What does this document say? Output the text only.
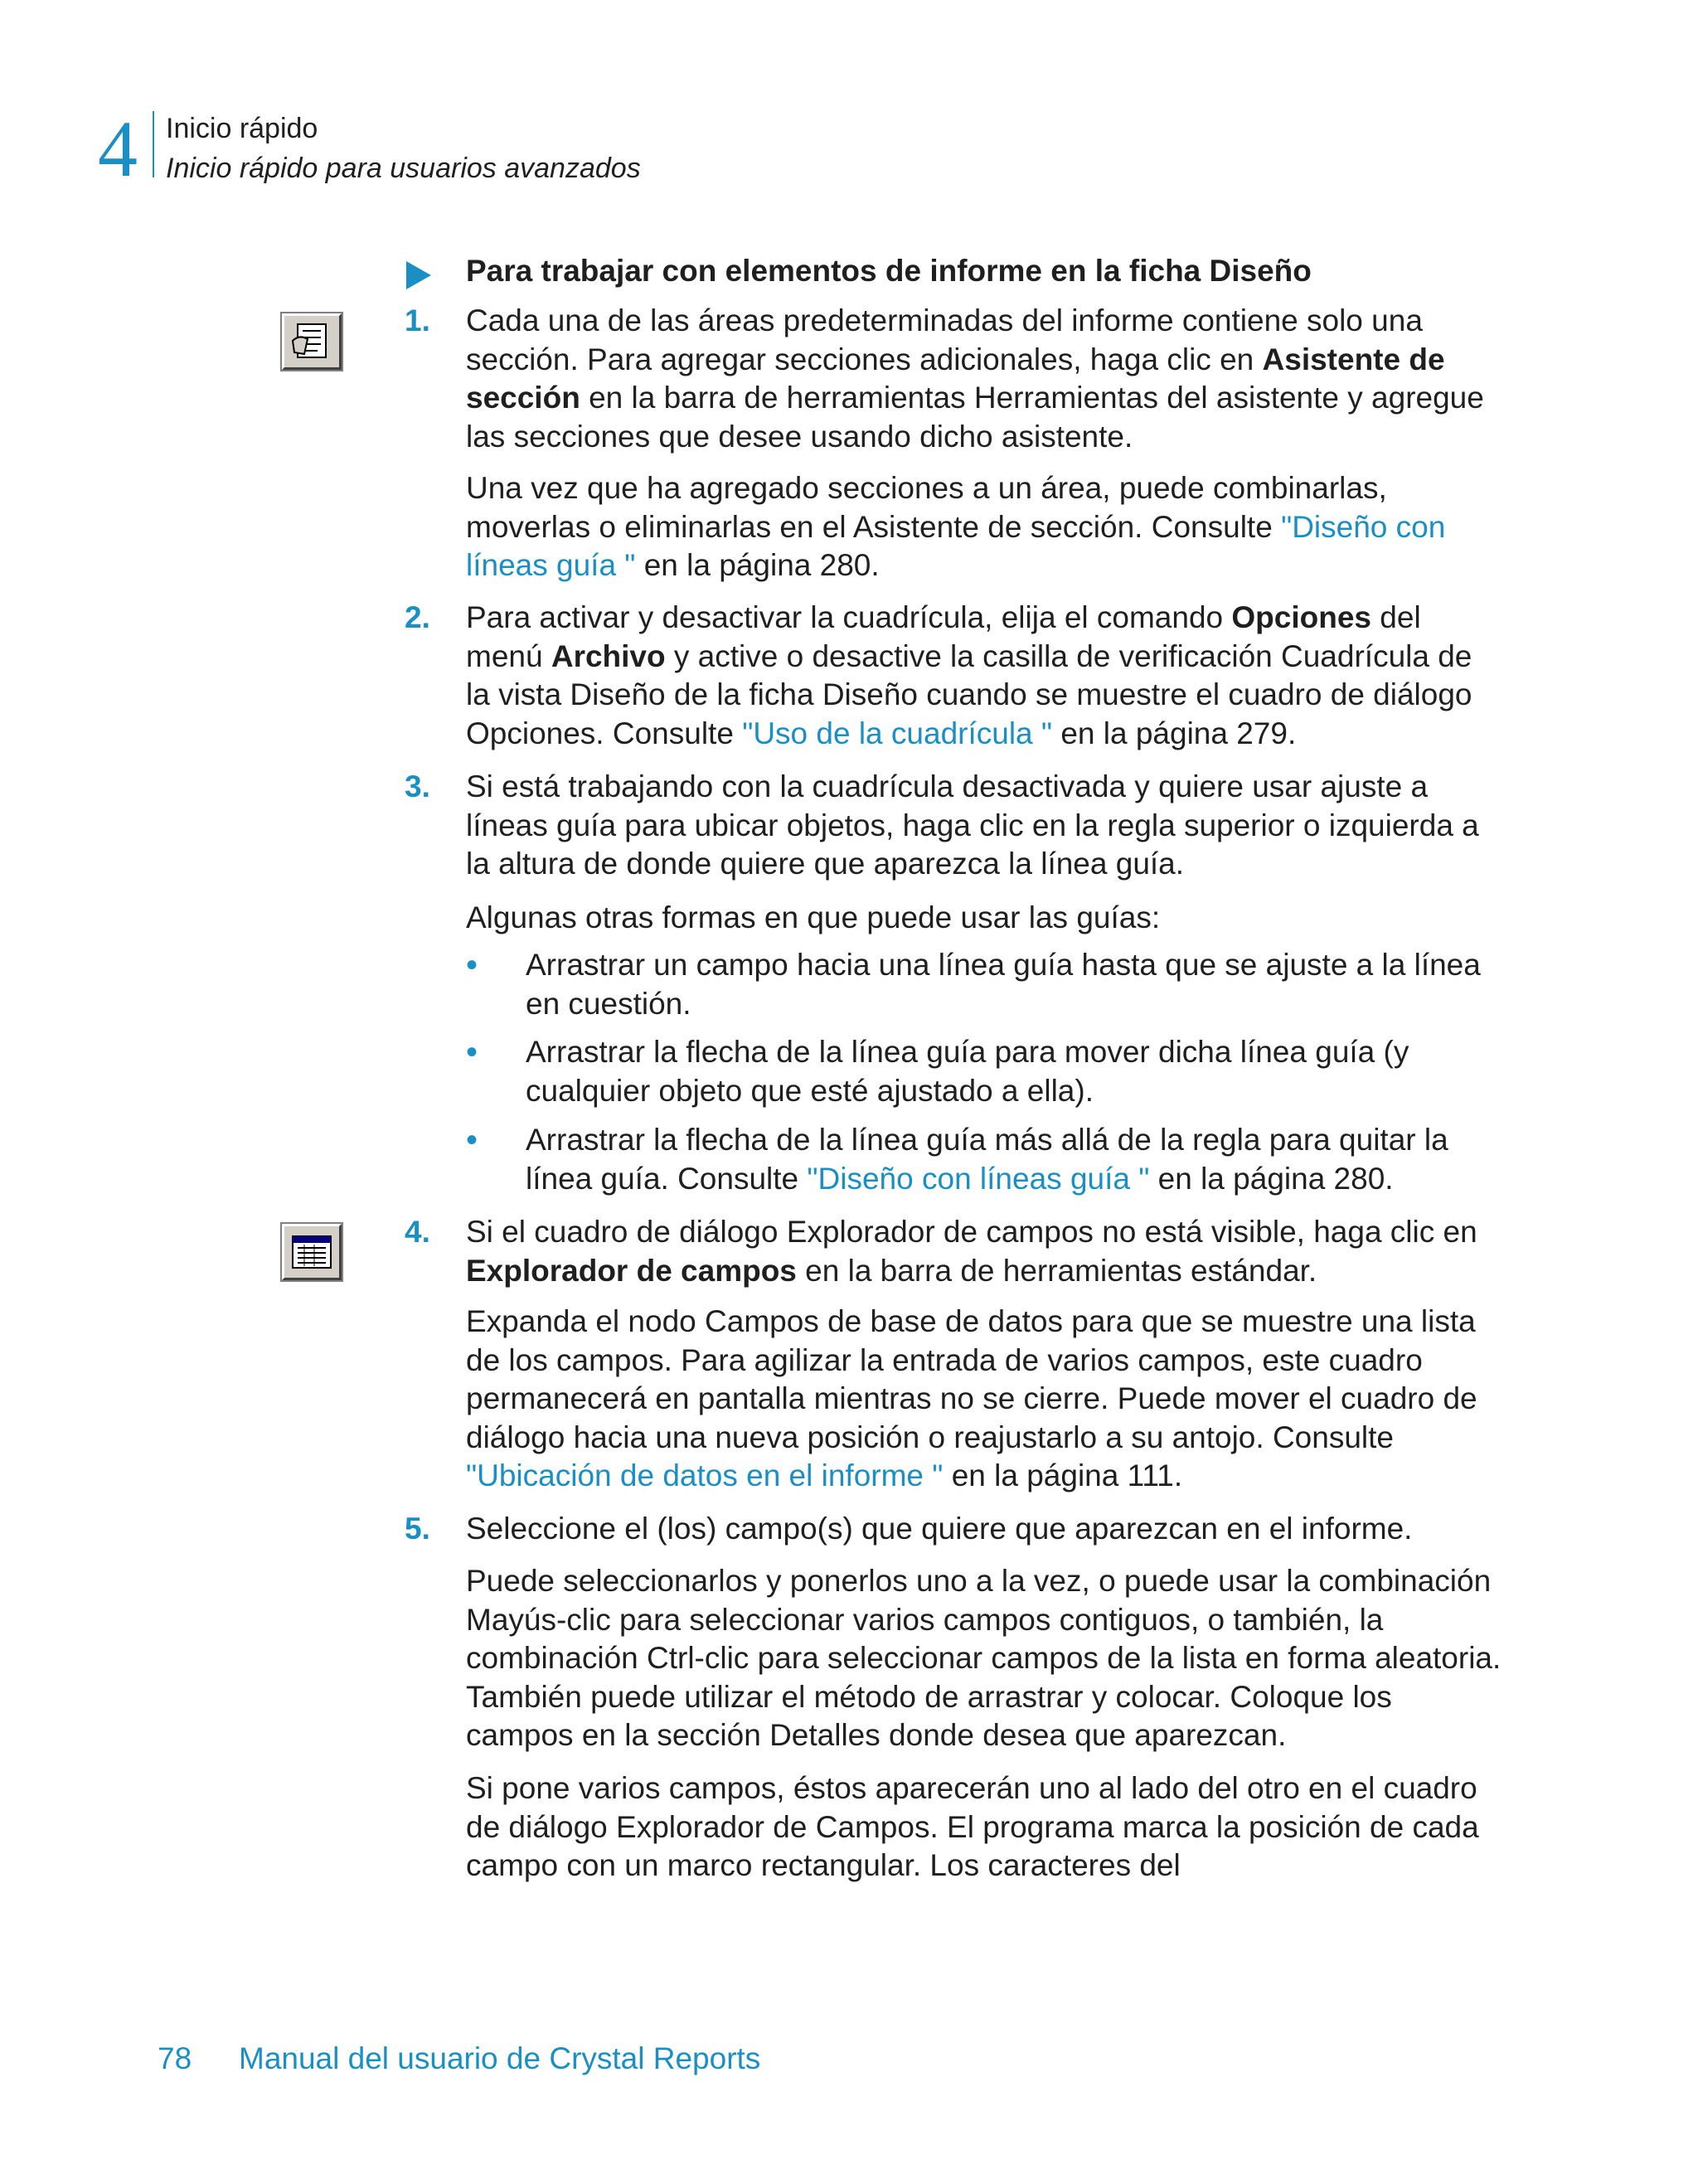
4 Inicio rápido
Inicio rápido para usuarios avanzados
Para trabajar con elementos de informe en la ficha Diseño
1. Cada una de las áreas predeterminadas del informe contiene solo una sección. Para agregar secciones adicionales, haga clic en Asistente de sección en la barra de herramientas Herramientas del asistente y agregue las secciones que desee usando dicho asistente.
Una vez que ha agregado secciones a un área, puede combinarlas, moverlas o eliminarlas en el Asistente de sección. Consulte "Diseño con líneas guía " en la página 280.
2. Para activar y desactivar la cuadrícula, elija el comando Opciones del menú Archivo y active o desactive la casilla de verificación Cuadrícula de la vista Diseño de la ficha Diseño cuando se muestre el cuadro de diálogo Opciones. Consulte "Uso de la cuadrícula " en la página 279.
3. Si está trabajando con la cuadrícula desactivada y quiere usar ajuste a líneas guía para ubicar objetos, haga clic en la regla superior o izquierda a la altura de donde quiere que aparezca la línea guía.
Algunas otras formas en que puede usar las guías:
• Arrastrar un campo hacia una línea guía hasta que se ajuste a la línea en cuestión.
• Arrastrar la flecha de la línea guía para mover dicha línea guía (y cualquier objeto que esté ajustado a ella).
• Arrastrar la flecha de la línea guía más allá de la regla para quitar la línea guía. Consulte "Diseño con líneas guía " en la página 280.
4. Si el cuadro de diálogo Explorador de campos no está visible, haga clic en  Explorador de campos en la barra de herramientas estándar.
Expanda el nodo Campos de base de datos para que se muestre una lista de los campos. Para agilizar la entrada de varios campos, este cuadro permanecerá en pantalla mientras no se cierre. Puede mover el cuadro de diálogo hacia una nueva posición o reajustarlo a su antojo. Consulte "Ubicación de datos en el informe " en la página 111.
5. Seleccione el (los) campo(s) que quiere que aparezcan en el informe.
Puede seleccionarlos y ponerlos uno a la vez, o puede usar la combinación Mayús-clic para seleccionar varios campos contiguos, o también, la combinación Ctrl-clic para seleccionar campos de la lista en forma aleatoria. También puede utilizar el método de arrastrar y colocar. Coloque los campos en la sección Detalles donde desea que aparezcan.
Si pone varios campos, éstos aparecerán uno al lado del otro en el cuadro de diálogo Explorador de Campos. El programa marca la posición de cada campo con un marco rectangular. Los caracteres del
78 Manual del usuario de Crystal Reports
